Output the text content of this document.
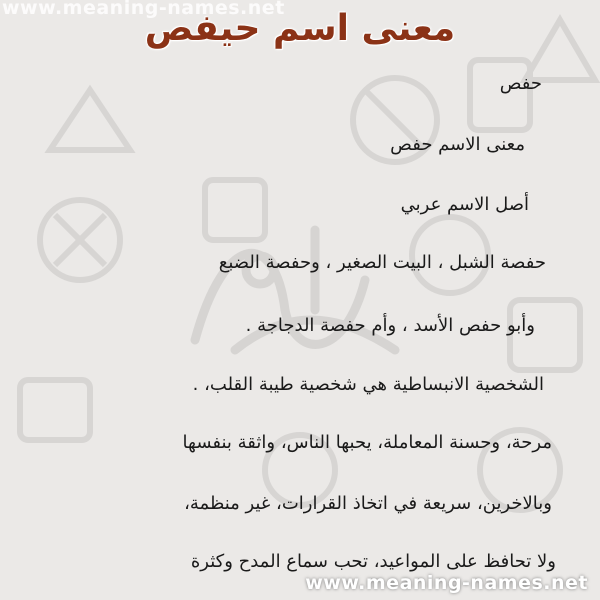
www.meaning-names.net
معنى اسم حيفص
حفص
معنى الاسم حفص
أصل الاسم عربي
حفصة الشبل ، البيت الصغير ، وحفصة الضبع
وأبو حفص الأسد ، وأم حفصة الدجاجة .
الشخصية الانبساطية هي شخصية طيبة القلب، .
مرحة، وحسنة المعاملة، يحبها الناس، واثقة بنفسها
وبالاخرين، سريعة في اتخاذ القرارات، غير منظمة،
ولا تحافظ على المواعيد، تحب سماع المدح وكثرة
www.meaning-names.net
